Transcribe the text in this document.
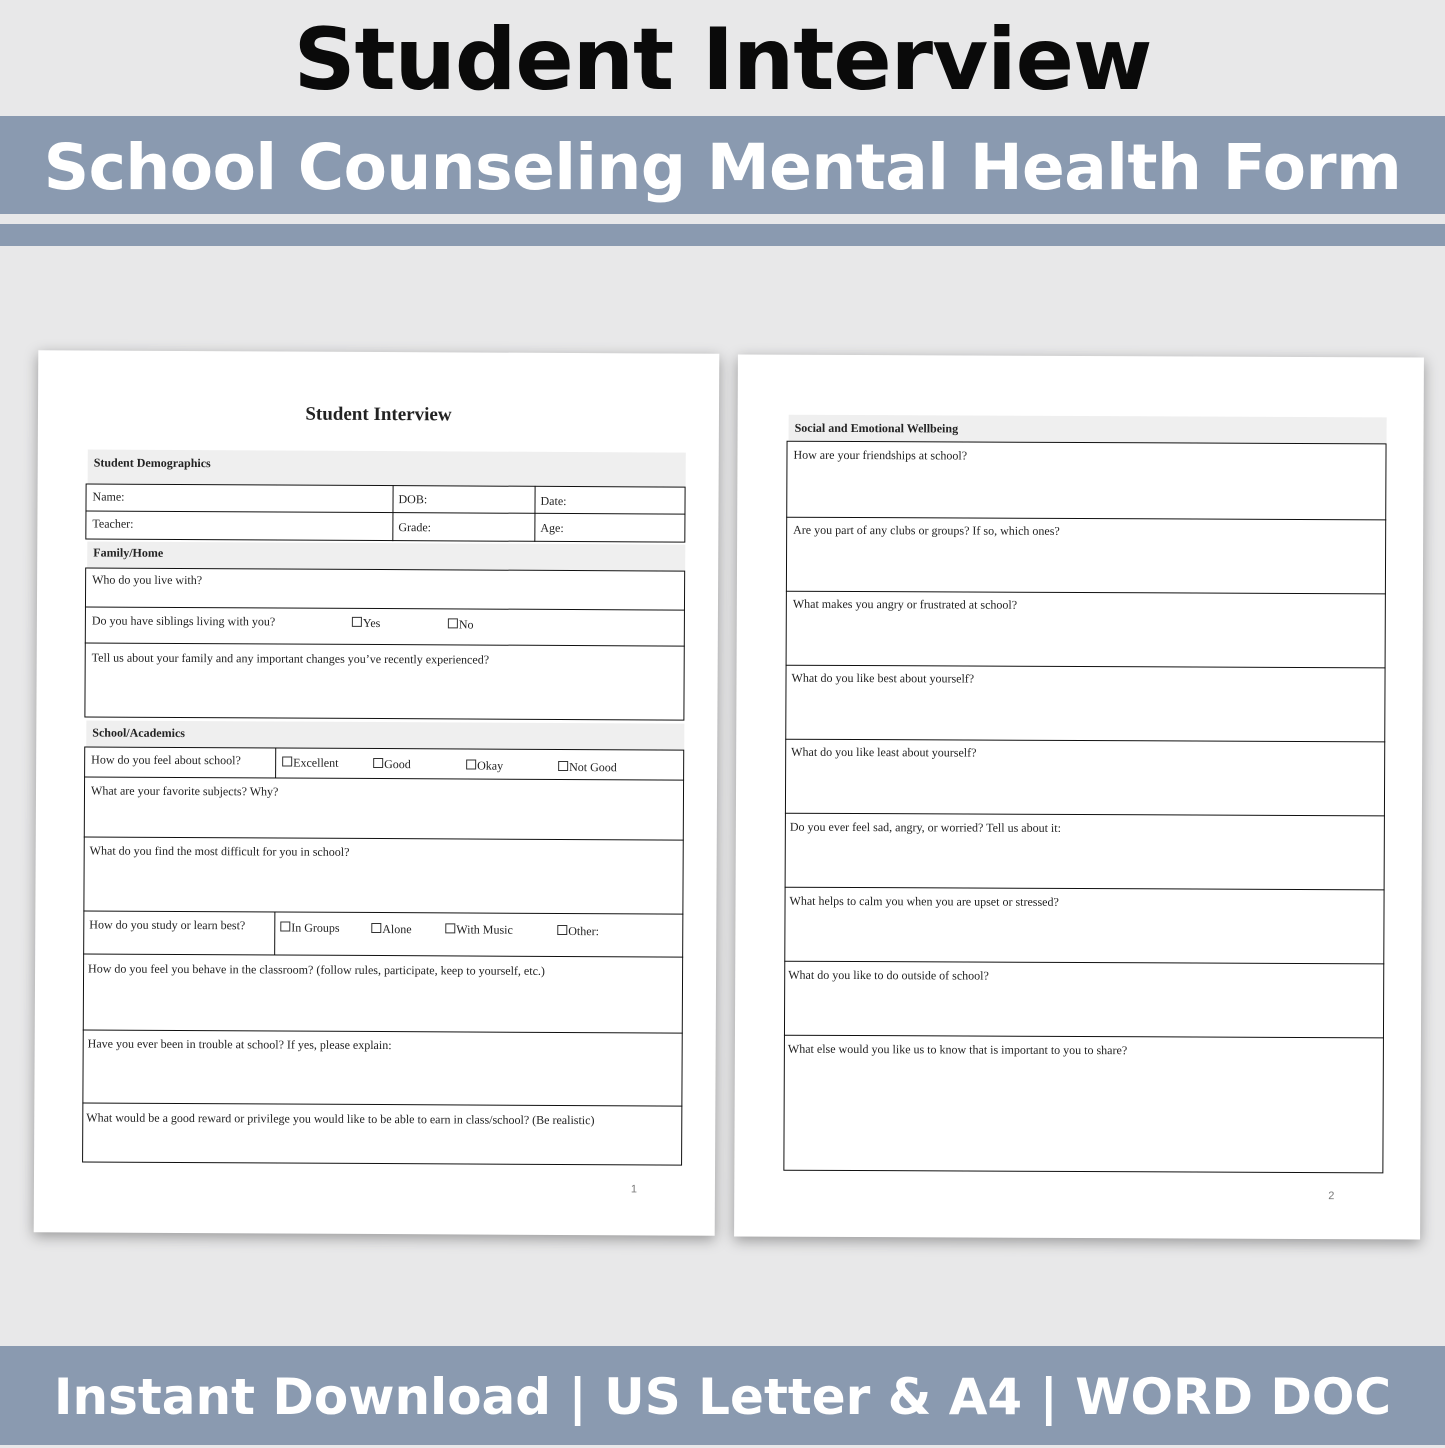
Student Interview
School Counseling Mental Health Form
Student Interview
Student Demographics
Name:	DOB:	Date:
Teacher:	Grade:	Age:
Family/Home
Who do you live with?
Do you have siblings living with you?	Yes	No
Tell us about your family and any important changes you’ve recently experienced?
School/Academics
How do you feel about school?	Excellent	Good	Okay	Not Good
What are your favorite subjects? Why?
What do you find the most difficult for you in school?
How do you study or learn best?	In Groups	Alone	With Music	Other:
How do you feel you behave in the classroom? (follow rules, participate, keep to yourself, etc.)
Have you ever been in trouble at school? If yes, please explain:
What would be a good reward or privilege you would like to be able to earn in class/school? (Be realistic)
1
Social and Emotional Wellbeing
How are your friendships at school?
Are you part of any clubs or groups? If so, which ones?
What makes you angry or frustrated at school?
What do you like best about yourself?
What do you like least about yourself?
Do you ever feel sad, angry, or worried? Tell us about it:
What helps to calm you when you are upset or stressed?
What do you like to do outside of school?
What else would you like us to know that is important to you to share?
2
Instant Download | US Letter & A4 | WORD DOC
